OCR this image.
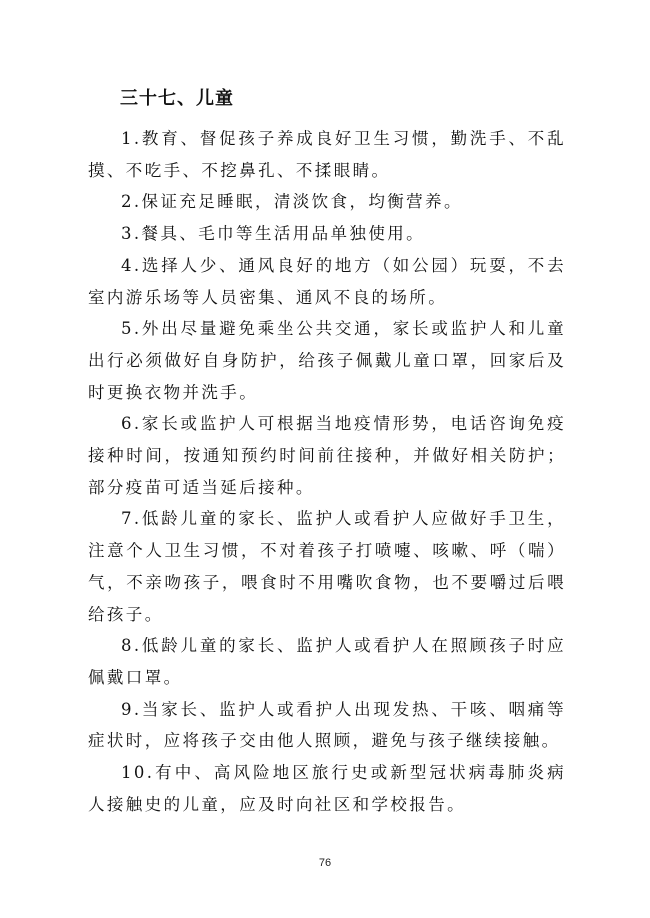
三十七、儿童

1.教育、督促孩子养成良好卫生习惯，勤洗手、不乱摸、不吃手、不挖鼻孔、不揉眼睛。

2.保证充足睡眠，清淡饮食，均衡营养。

3.餐具、毛巾等生活用品单独使用。

4.选择人少、通风良好的地方（如公园）玩耍，不去室内游乐场等人员密集、通风不良的场所。

5.外出尽量避免乘坐公共交通，家长或监护人和儿童出行必须做好自身防护，给孩子佩戴儿童口罩，回家后及时更换衣物并洗手。

6.家长或监护人可根据当地疫情形势，电话咨询免疫接种时间，按通知预约时间前往接种，并做好相关防护；部分疫苗可适当延后接种。

7.低龄儿童的家长、监护人或看护人应做好手卫生，注意个人卫生习惯，不对着孩子打喷嚏、咳嗽、呼（喘）气，不亲吻孩子，喂食时不用嘴吹食物，也不要嚼过后喂给孩子。

8.低龄儿童的家长、监护人或看护人在照顾孩子时应佩戴口罩。

9.当家长、监护人或看护人出现发热、干咳、咽痛等症状时，应将孩子交由他人照顾，避免与孩子继续接触。

10.有中、高风险地区旅行史或新型冠状病毒肺炎病人接触史的儿童，应及时向社区和学校报告。

76
